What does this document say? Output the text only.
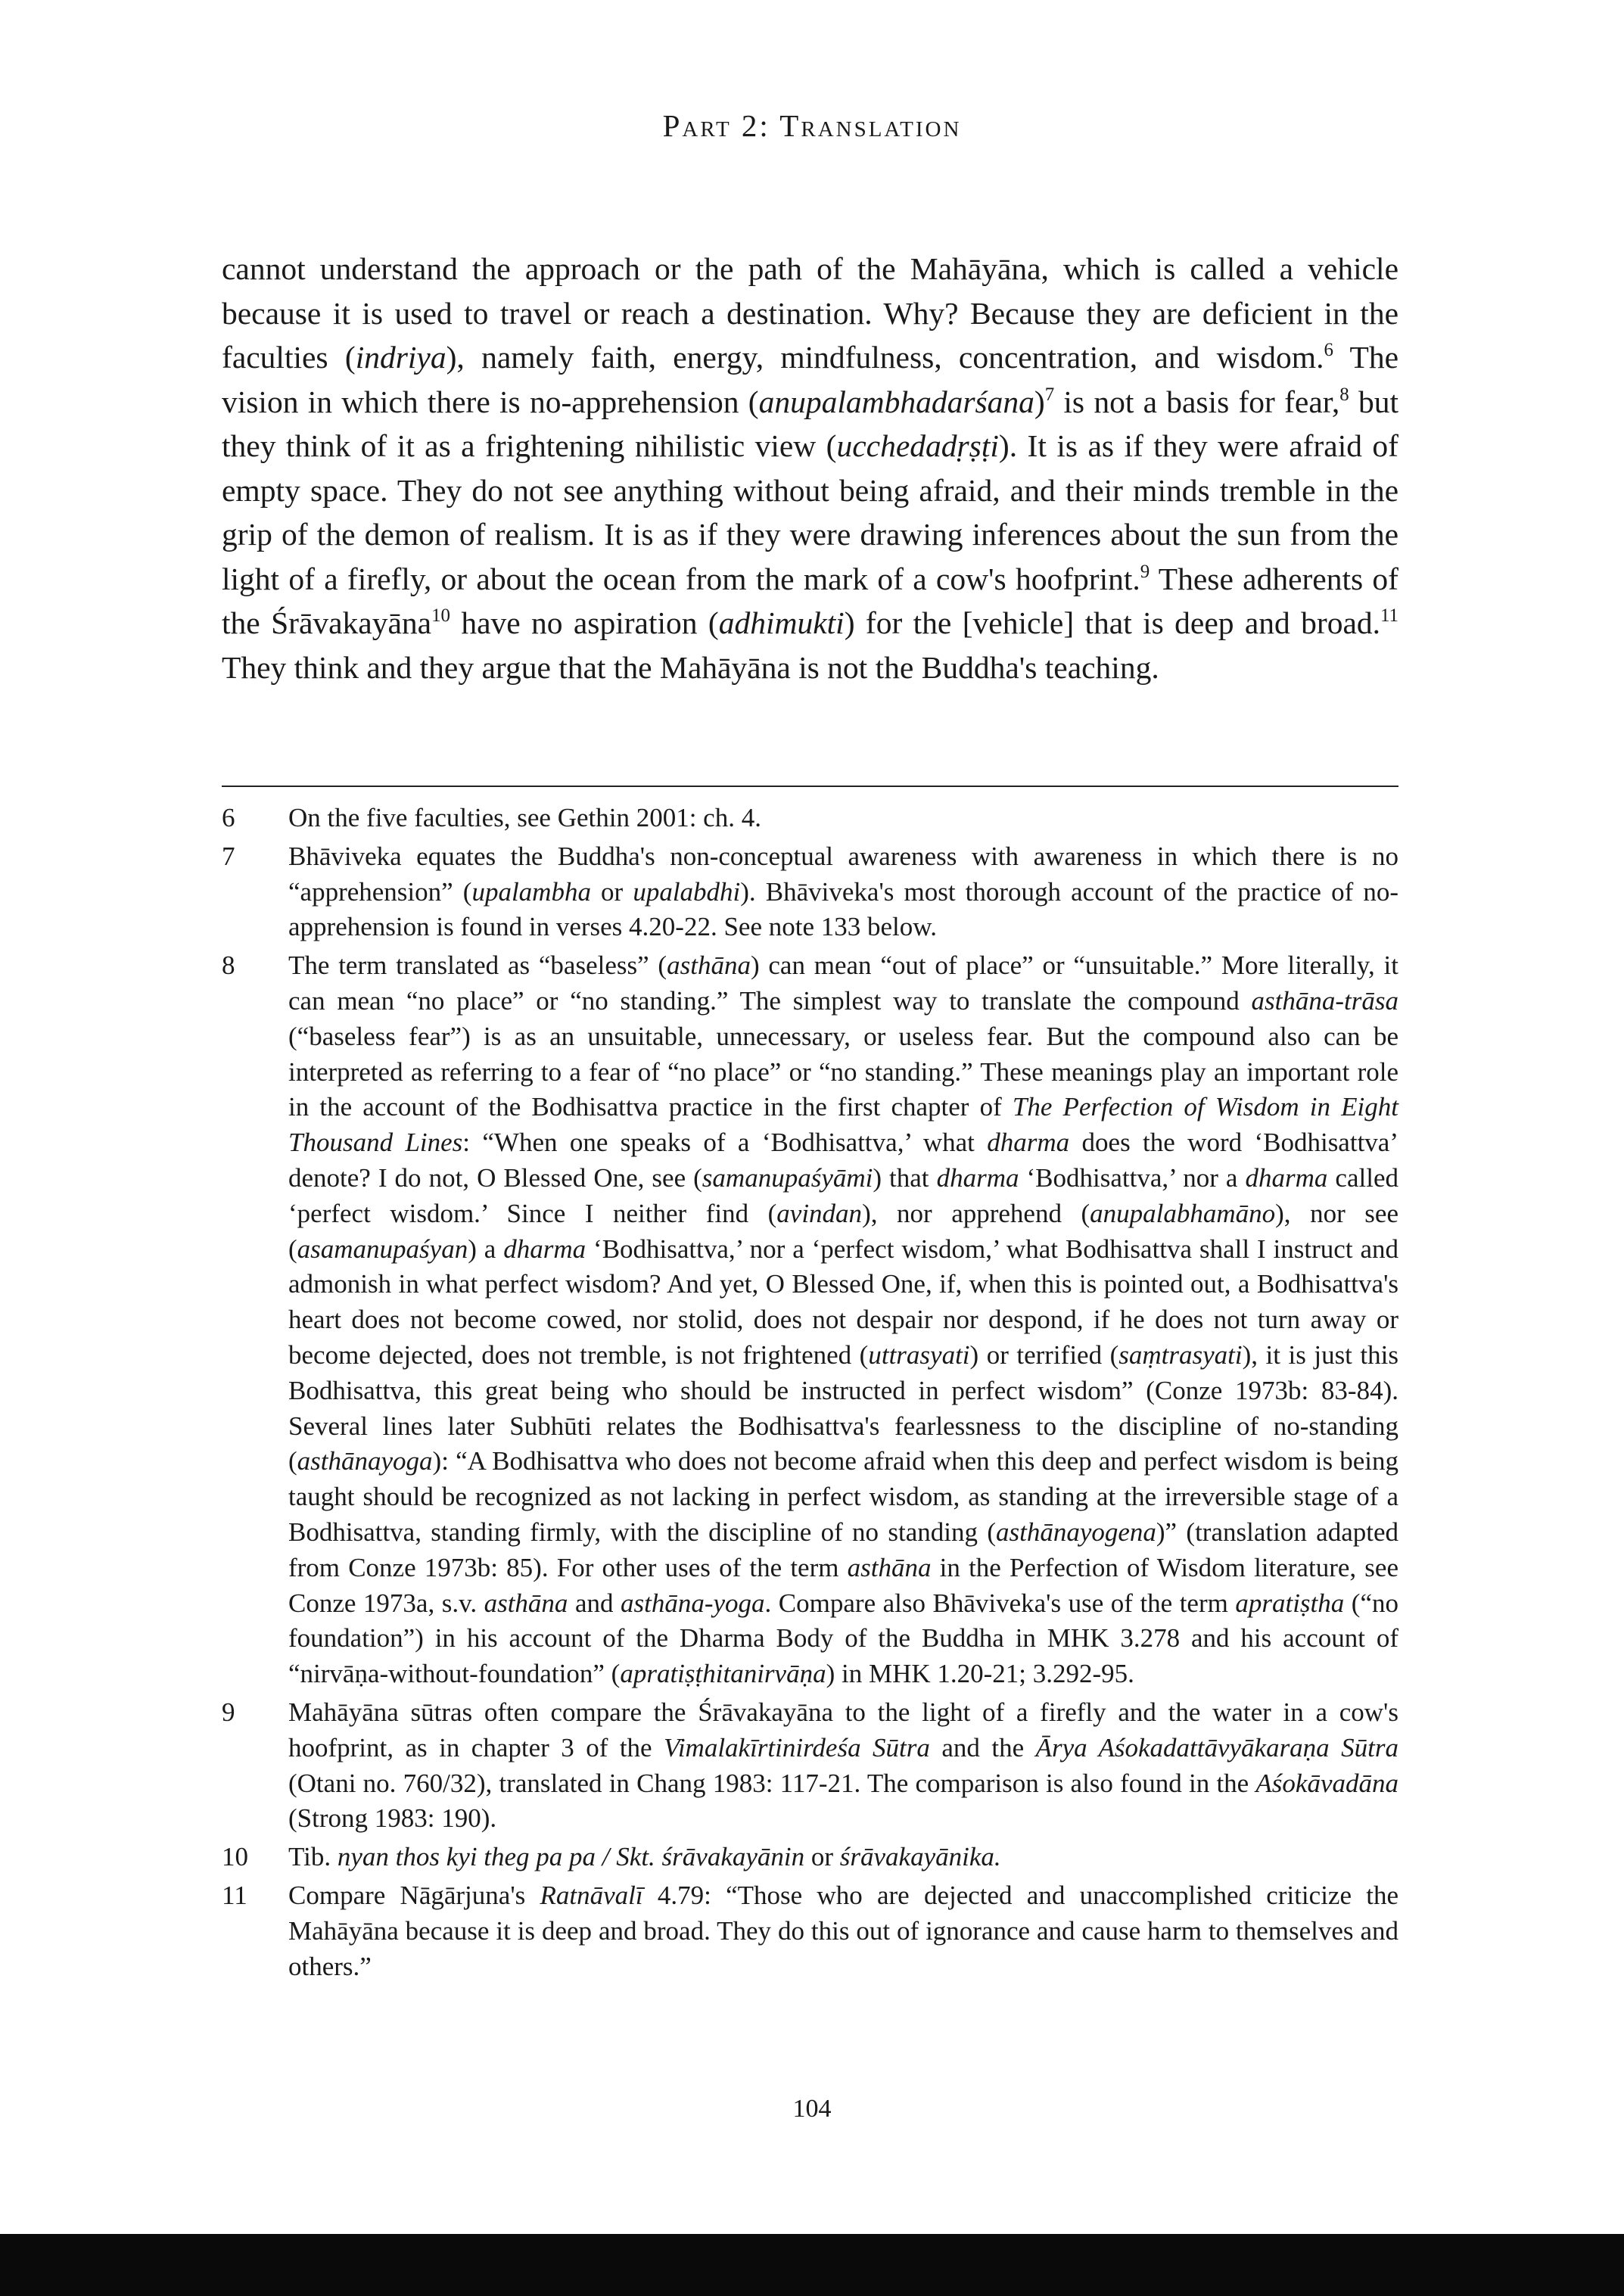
Part 2: Translation

cannot understand the approach or the path of the Mahāyāna, which is called a vehicle because it is used to travel or reach a destination. Why? Because they are deficient in the faculties (indriya), namely faith, energy, mindfulness, concentration, and wisdom.$^6$ The vision in which there is no-apprehension (anupalambhadarśana)$^7$ is not a basis for fear,$^8$ but they think of it as a frightening nihilistic view (ucchedadṛṣṭi). It is as if they were afraid of empty space. They do not see anything without being afraid, and their minds tremble in the grip of the demon of realism. It is as if they were drawing inferences about the sun from the light of a firefly, or about the ocean from the mark of a cow's hoofprint.$^9$ These adherents of the Śrāvakayāna$^{10}$ have no aspiration (adhimukti) for the [vehicle] that is deep and broad.$^{11}$ They think and they argue that the Mahāyāna is not the Buddha's teaching.

6	On the five faculties, see Gethin 2001: ch. 4.
7	Bhāviveka equates the Buddha's non-conceptual awareness with awareness in which there is no “apprehension” (upalambha or upalabdhi). Bhāviveka's most thorough account of the practice of no-apprehension is found in verses 4.20-22. See note 133 below.
8	The term translated as “baseless” (asthāna) can mean “out of place” or “unsuitable.” More literally, it can mean “no place” or “no standing.” The simplest way to translate the compound asthāna-trāsa (“baseless fear”) is as an unsuitable, unnecessary, or useless fear. But the compound also can be interpreted as referring to a fear of “no place” or “no standing.” These meanings play an important role in the account of the Bodhisattva practice in the first chapter of The Perfection of Wisdom in Eight Thousand Lines: “When one speaks of a ‘Bodhisattva,’ what dharma does the word ‘Bodhisattva’ denote? I do not, O Blessed One, see (samanupaśyāmi) that dharma ‘Bodhisattva,’ nor a dharma called ‘perfect wisdom.’ Since I neither find (avindan), nor apprehend (anupalabhamāno), nor see (asamanupaśyan) a dharma ‘Bodhisattva,’ nor a ‘perfect wisdom,’ what Bodhisattva shall I instruct and admonish in what perfect wisdom? And yet, O Blessed One, if, when this is pointed out, a Bodhisattva's heart does not become cowed, nor stolid, does not despair nor despond, if he does not turn away or become dejected, does not tremble, is not frightened (uttrasyati) or terrified (saṃtrasyati), it is just this Bodhisattva, this great being who should be instructed in perfect wisdom” (Conze 1973b: 83-84). Several lines later Subhūti relates the Bodhisattva's fearlessness to the discipline of no-standing (asthānayoga): “A Bodhisattva who does not become afraid when this deep and perfect wisdom is being taught should be recognized as not lacking in perfect wisdom, as standing at the irreversible stage of a Bodhisattva, standing firmly, with the discipline of no standing (asthānayogena)” (translation adapted from Conze 1973b: 85). For other uses of the term asthāna in the Perfection of Wisdom literature, see Conze 1973a, s.v. asthāna and asthāna-yoga. Compare also Bhāviveka's use of the term apratiṣtha (“no foundation”) in his account of the Dharma Body of the Buddha in MHK 3.278 and his account of “nirvāṇa-without-foundation” (apratiṣṭhitanirvāṇa) in MHK 1.20-21; 3.292-95.
9	Mahāyāna sūtras often compare the Śrāvakayāna to the light of a firefly and the water in a cow's hoofprint, as in chapter 3 of the Vimalakīrtinirdeśa Sūtra and the Ārya Aśokadattāvyākaraṇa Sūtra (Otani no. 760/32), translated in Chang 1983: 117-21. The comparison is also found in the Aśokāvadāna (Strong 1983: 190).
10	Tib. nyan thos kyi theg pa pa / Skt. śrāvakayānin or śrāvakayānika.
11	Compare Nāgārjuna's Ratnāvalī 4.79: “Those who are dejected and unaccomplished criticize the Mahāyāna because it is deep and broad. They do this out of ignorance and cause harm to themselves and others.”
104
